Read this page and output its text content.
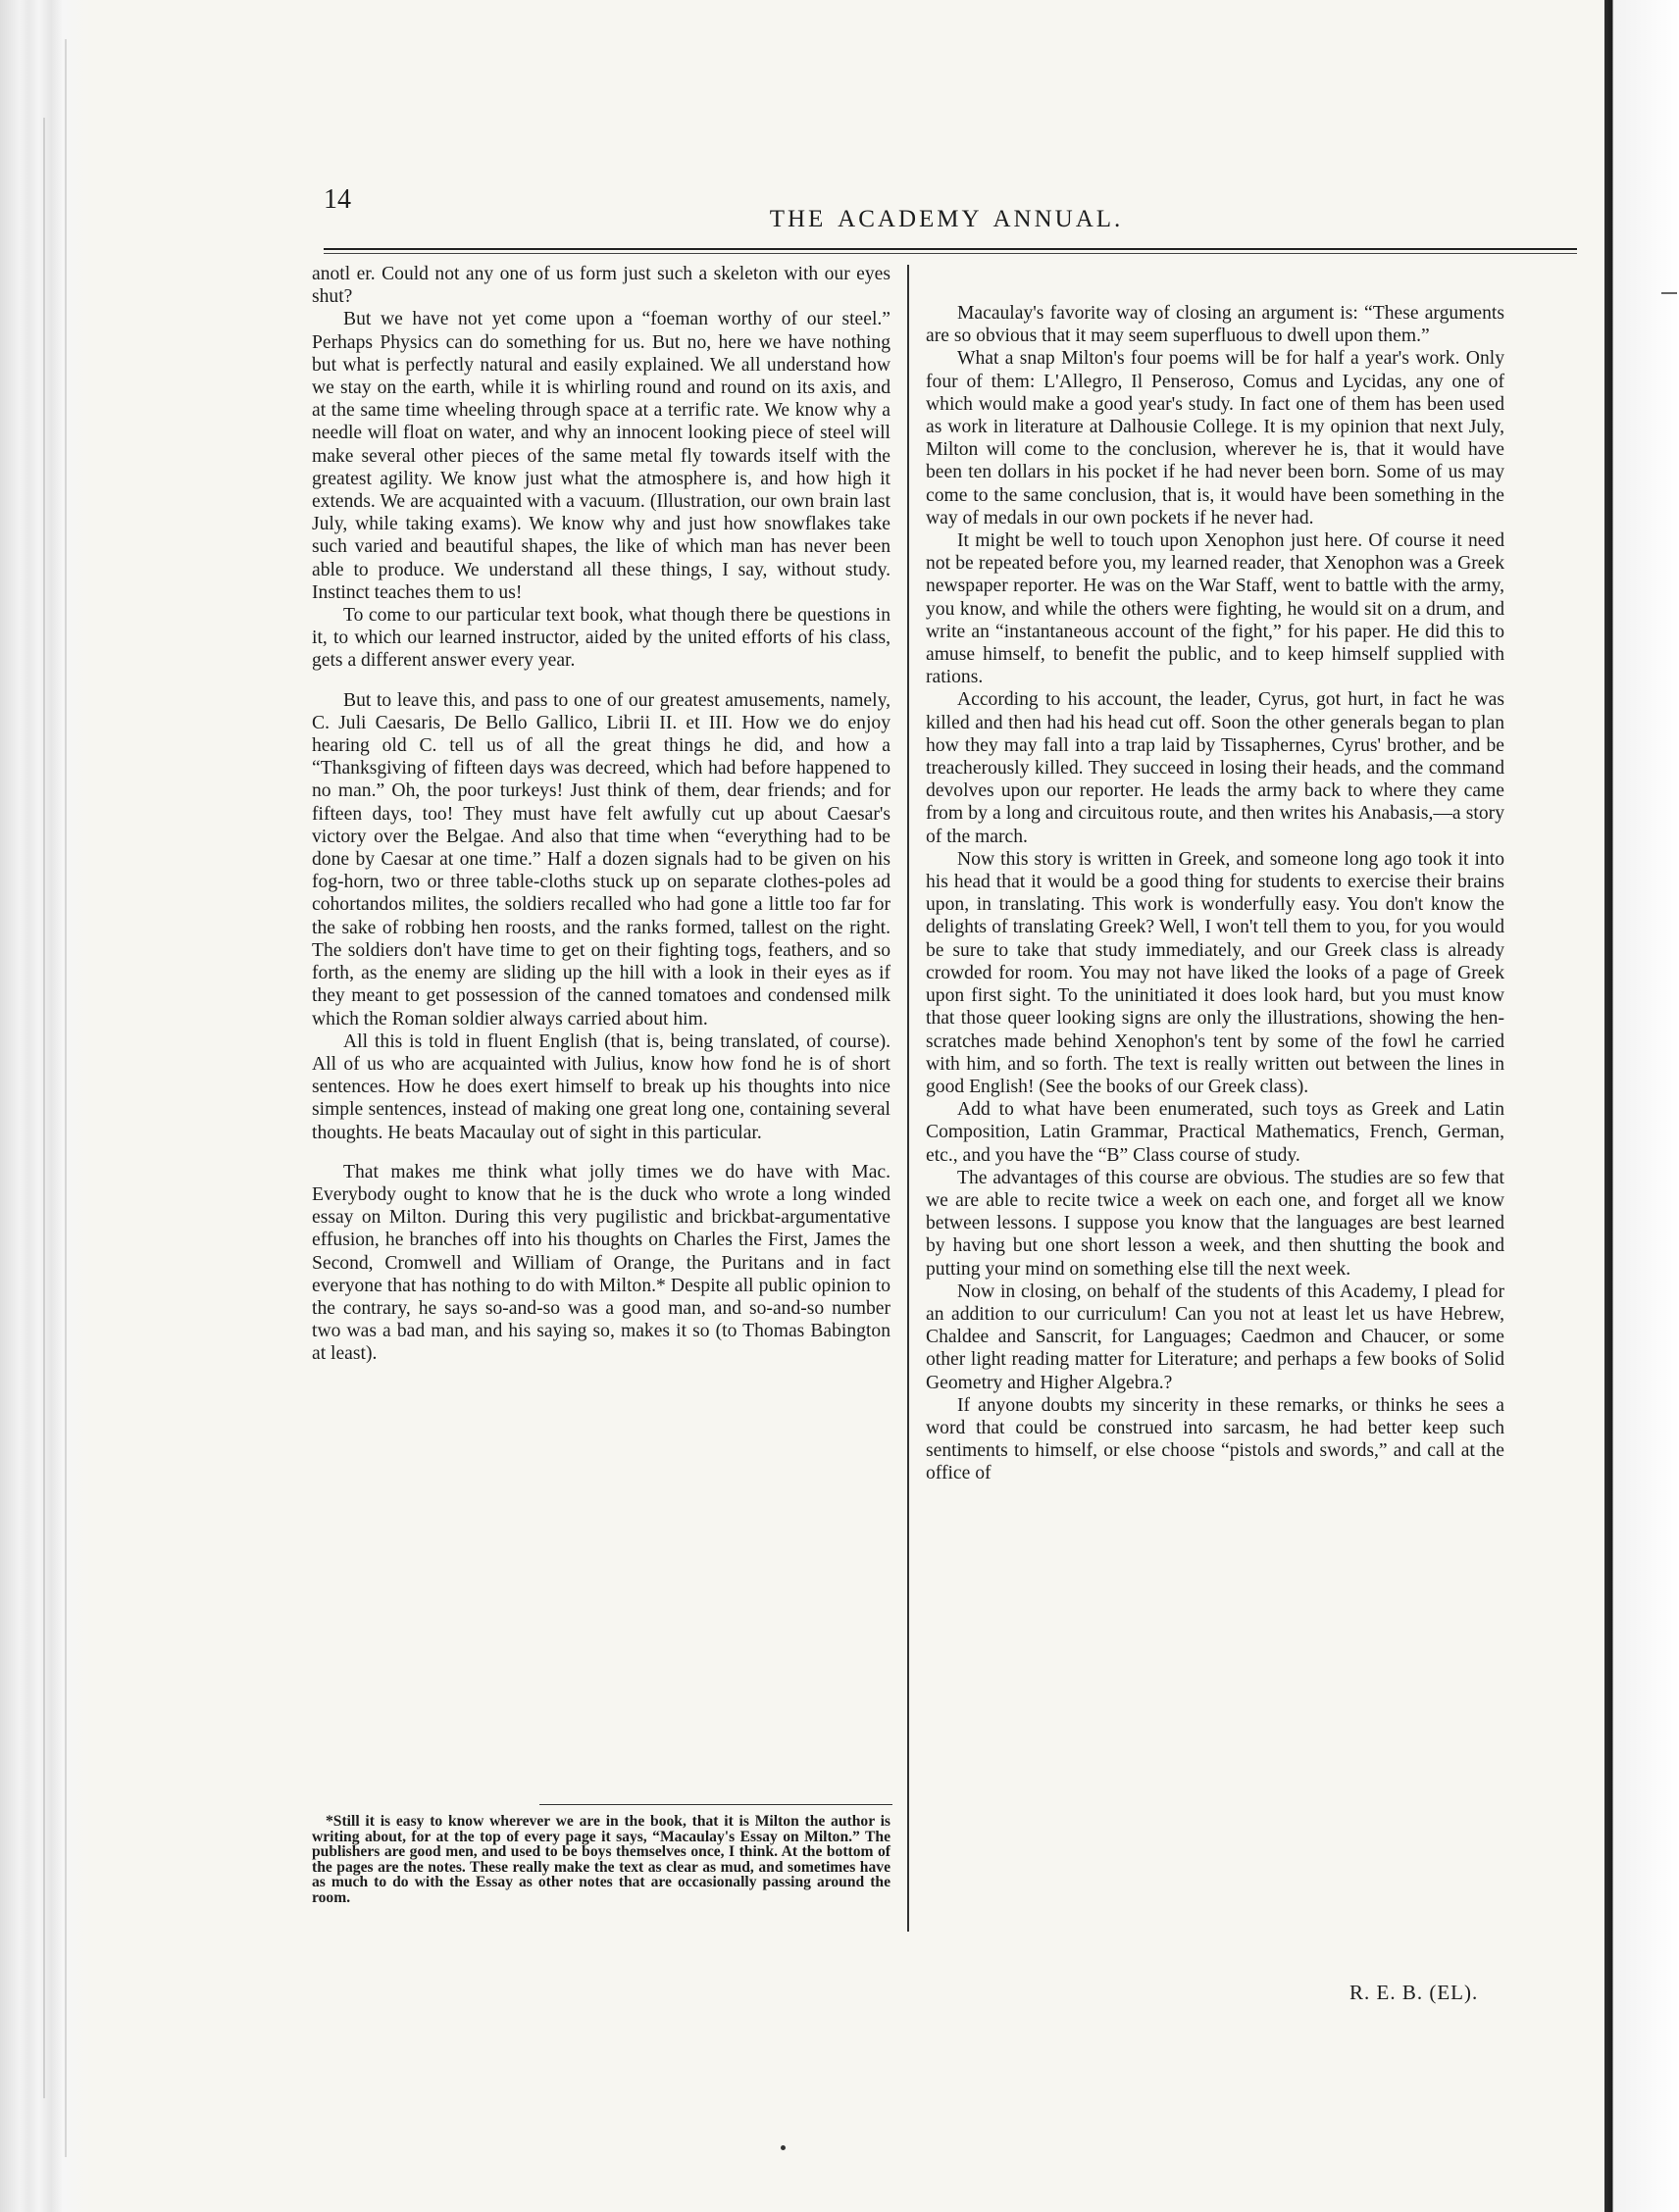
14
THE ACADEMY ANNUAL.

anotl er. Could not any one of us form just such a skeleton with our eyes shut?

But we have not yet come upon a “foeman worthy of our steel.” Perhaps Physics can do something for us. But no, here we have nothing but what is perfectly natural and easily explained. We all understand how we stay on the earth, while it is whirling round and round on its axis, and at the same time wheeling through space at a terrific rate. We know why a needle will float on water, and why an innocent looking piece of steel will make several other pieces of the same metal fly towards itself with the greatest agility. We know just what the atmosphere is, and how high it extends. We are acquainted with a vacuum. (Illustration, our own brain last July, while taking exams). We know why and just how snowflakes take such varied and beautiful shapes, the like of which man has never been able to produce. We understand all these things, I say, without study. Instinct teaches them to us!

To come to our particular text book, what though there be questions in it, to which our learned instructor, aided by the united efforts of his class, gets a different answer every year.

But to leave this, and pass to one of our greatest amusements, namely, C. Juli Caesaris, De Bello Gallico, Librii II. et III. How we do enjoy hearing old C. tell us of all the great things he did, and how a “Thanksgiving of fifteen days was decreed, which had before happened to no man.” Oh, the poor turkeys! Just think of them, dear friends; and for fifteen days, too! They must have felt awfully cut up about Caesar's victory over the Belgae. And also that time when “everything had to be done by Caesar at one time.” Half a dozen signals had to be given on his fog-horn, two or three table-cloths stuck up on separate clothes-poles ad cohortandos milites, the soldiers recalled who had gone a little too far for the sake of robbing hen roosts, and the ranks formed, tallest on the right. The soldiers don't have time to get on their fighting togs, feathers, and so forth, as the enemy are sliding up the hill with a look in their eyes as if they meant to get possession of the canned tomatoes and condensed milk which the Roman soldier always carried about him.

All this is told in fluent English (that is, being translated, of course). All of us who are acquainted with Julius, know how fond he is of short sentences. How he does exert himself to break up his thoughts into nice simple sentences, instead of making one great long one, containing several thoughts. He beats Macaulay out of sight in this particular.

That makes me think what jolly times we do have with Mac. Everybody ought to know that he is the duck who wrote a long winded essay on Milton. During this very pugilistic and brickbat-argumentative effusion, he branches off into his thoughts on Charles the First, James the Second, Cromwell and William of Orange, the Puritans and in fact everyone that has nothing to do with Milton.* Despite all public opinion to the contrary, he says so-and-so was a good man, and so-and-so number two was a bad man, and his saying so, makes it so (to Thomas Babington at least).

Macaulay's favorite way of closing an argument is: “These arguments are so obvious that it may seem superfluous to dwell upon them.”

What a snap Milton's four poems will be for half a year's work. Only four of them: L'Allegro, Il Penseroso, Comus and Lycidas, any one of which would make a good year's study. In fact one of them has been used as work in literature at Dalhousie College. It is my opinion that next July, Milton will come to the conclusion, wherever he is, that it would have been ten dollars in his pocket if he had never been born. Some of us may come to the same conclusion, that is, it would have been something in the way of medals in our own pockets if he never had.

It might be well to touch upon Xenophon just here. Of course it need not be repeated before you, my learned reader, that Xenophon was a Greek newspaper reporter. He was on the War Staff, went to battle with the army, you know, and while the others were fighting, he would sit on a drum, and write an “instantaneous account of the fight,” for his paper. He did this to amuse himself, to benefit the public, and to keep himself supplied with rations.

According to his account, the leader, Cyrus, got hurt, in fact he was killed and then had his head cut off. Soon the other generals began to plan how they may fall into a trap laid by Tissaphernes, Cyrus' brother, and be treacherously killed. They succeed in losing their heads, and the command devolves upon our reporter. He leads the army back to where they came from by a long and circuitous route, and then writes his Anabasis,—a story of the march.

Now this story is written in Greek, and someone long ago took it into his head that it would be a good thing for students to exercise their brains upon, in translating. This work is wonderfully easy. You don't know the delights of translating Greek? Well, I won't tell them to you, for you would be sure to take that study immediately, and our Greek class is already crowded for room. You may not have liked the looks of a page of Greek upon first sight. To the uninitiated it does look hard, but you must know that those queer looking signs are only the illustrations, showing the hen-scratches made behind Xenophon's tent by some of the fowl he carried with him, and so forth. The text is really written out between the lines in good English! (See the books of our Greek class).

Add to what have been enumerated, such toys as Greek and Latin Composition, Latin Grammar, Practical Mathematics, French, German, etc., and you have the “B” Class course of study.

The advantages of this course are obvious. The studies are so few that we are able to recite twice a week on each one, and forget all we know between lessons. I suppose you know that the languages are best learned by having but one short lesson a week, and then shutting the book and putting your mind on something else till the next week.

Now in closing, on behalf of the students of this Academy, I plead for an addition to our curriculum! Can you not at least let us have Hebrew, Chaldee and Sanscrit, for Languages; Caedmon and Chaucer, or some other light reading matter for Literature; and perhaps a few books of Solid Geometry and Higher Algebra.?

If anyone doubts my sincerity in these remarks, or thinks he sees a word that could be construed into sarcasm, he had better keep such sentiments to himself, or else choose “pistols and swords,” and call at the office of

*Still it is easy to know wherever we are in the book, that it is Milton the author is writing about, for at the top of every page it says, “Macaulay's Essay on Milton.” The publishers are good men, and used to be boys themselves once, I think. At the bottom of the pages are the notes. These really make the text as clear as mud, and sometimes have as much to do with the Essay as other notes that are occasionally passing around the room.

R. E. B. (EL).
